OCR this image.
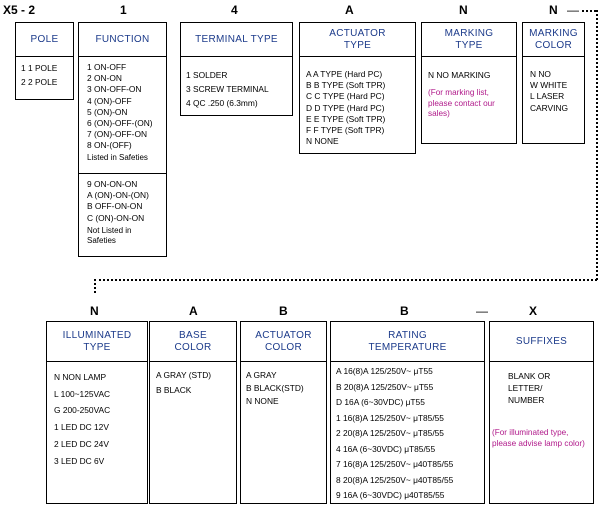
X5 - 2	1	4	A	N	N —
POLE	FUNCTION	TERMINAL TYPE
ACTUATOR TYPE
MARKING TYPE
MARKING COLOR
1 1 POLE
2 2 POLE
1 ON-OFF
2 ON-ON
3 ON-OFF-ON
4 (ON)-OFF
5 (ON)-ON
6 (ON)-OFF-(ON)
7 (ON)-OFF-ON
8 ON-(OFF)
Listed in Safeties
9 ON-ON-ON
A (ON)-ON-(ON)
B OFF-ON-ON
C (ON)-ON-ON
Not Listed in Safeties
1 SOLDER
3 SCREW TERMINAL
4 QC .250 (6.3mm)
A A TYPE (Hard PC)
B B TYPE (Soft TPR)
C C TYPE (Hard PC)
D D TYPE (Hard PC)
E E TYPE (Soft TPR)
F F TYPE (Soft TPR)
N NONE
N NO MARKING
(For marking list, please contact our sales)
N NO
W WHITE
L LASER
CARVING
N	A	B	B	—	X
ILLUMINATED TYPE
BASE COLOR
ACTUATOR COLOR
RATING TEMPERATURE
SUFFIXES
N NON LAMP
L 100~125VAC
G 200-250VAC
1 LED DC 12V
2 LED DC 24V
3 LED DC 6V
A GRAY (STD)
B BLACK
A GRAY
B BLACK(STD)
N NONE
A 16(8)A 125/250V~ μT55
B 20(8)A 125/250V~ μT55
D 16A (6~30VDC) μT55
1 16(8)A 125/250V~ μT85/55
2 20(8)A 125/250V~ μT85/55
4 16A (6~30VDC) μT85/55
7 16(8)A 125/250V~ μ40T85/55
8 20(8)A 125/250V~ μ40T85/55
9 16A (6~30VDC) μ40T85/55
BLANK OR
LETTER/
NUMBER
(For illuminated type, please advise lamp color)
